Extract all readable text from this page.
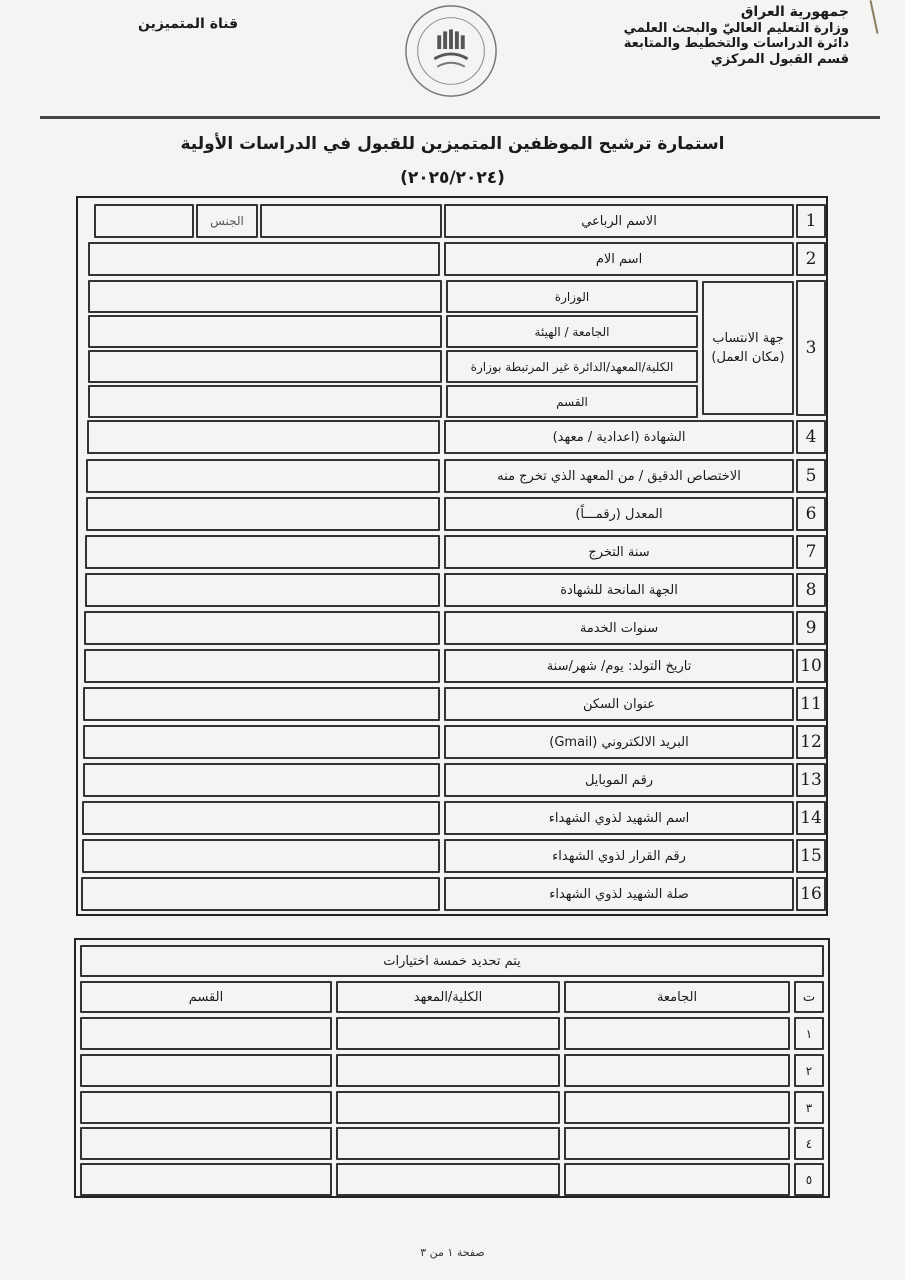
جمهورية العراق
وزارة التعليم العاليّ والبحث العلمي
دائرة الدراسات والتخطيط والمتابعة
قسم القبول المركزي
قناة المتميزين
استمارة ترشيح الموظفين المتميزين للقبول في الدراسات الأولية
(٢٠٢٥/٢٠٢٤)
صفحة ١ من ٣
1
الاسم الرباعي
الجنس
2
اسم الام
3
جهة الانتساب (مكان العمل)
الوزارة
الجامعة / الهيئة
الكلية/المعهد/الدائرة غير المرتبطة بوزارة
القسم
4
الشهادة (اعدادية / معهد)
5
الاختصاص الدقيق / من المعهد الذي تخرج منه
6
المعدل (رقمـــاً)
7
سنة التخرج
8
الجهة المانحة للشهادة
9
سنوات الخدمة
10
تاريخ التولد: يوم/ شهر/سنة
11
عنوان السكن
12
البريد الالكتروني (Gmail)
13
رقم الموبايل
14
اسم الشهيد لذوي الشهداء
15
رقم القرار لذوي الشهداء
16
صلة الشهيد لذوي الشهداء
يتم تحديد خمسة اختيارات
ت
الجامعة
الكلية/المعهد
القسم
١
٢
٣
٤
٥
